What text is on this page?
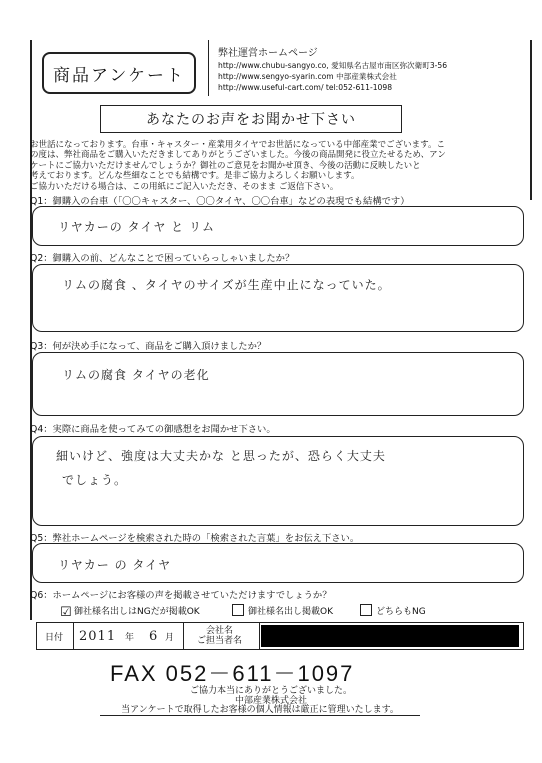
商品アンケート
弊社運営ホームページ
http://www.chubu-sangyo.co, 愛知県名古屋市南区弥次衛町3-56
http://www.sengyo-syarin.com 中部産業株式会社
http://www.useful-cart.com/ tel:052-611-1098
あなたのお声をお聞かせ下さい
お世話になっております。台車・キャスター・産業用タイヤでお世話になっている中部産業でございます。こ
の度は、弊社商品をご購入いただきましてありがとうございました。今後の商品開発に役立たせるため、アン
ケートにご協力いただけませんでしょうか？御社のご意見をお聞かせ頂き、今後の活動に反映したいと
考えております。どんな些細なことでも結構です。是非ご協力よろしくお願いします。
ご協力いただける場合は、この用紙にご記入いただき、そのまま ご返信下さい。
Q1：御購入の台車（「〇〇キャスター、〇〇タイヤ、〇〇台車」などの表現でも結構です）
リヤカーの タイヤ と リム
Q2：御購入の前、どんなことで困っていらっしゃいましたか？
リムの腐食 、タイヤのサイズが生産中止になっていた。
Q3：何が決め手になって、商品をご購入頂けましたか？
リムの腐食 タイヤの老化
Q4：実際に商品を使ってみての御感想をお聞かせ下さい。
細いけど、強度は大丈夫かな と思ったが、恐らく大丈夫
でしょう。
Q5：弊社ホームページを検索された時の「検索された言葉」をお伝え下さい。
リヤカー の タイヤ
Q6：ホームページにお客様の声を掲載させていただけますでしょうか？
☑ 御社様名出しはNGだが掲載OK	御社様名出し掲載OK	どちらもNG
日付 2011 年 6 月
会社名
ご担当者名
FAX 052－611－1097
ご協力本当にありがとうございました。
中部産業株式会社
当アンケートで取得したお客様の個人情報は厳正に管理いたします。
